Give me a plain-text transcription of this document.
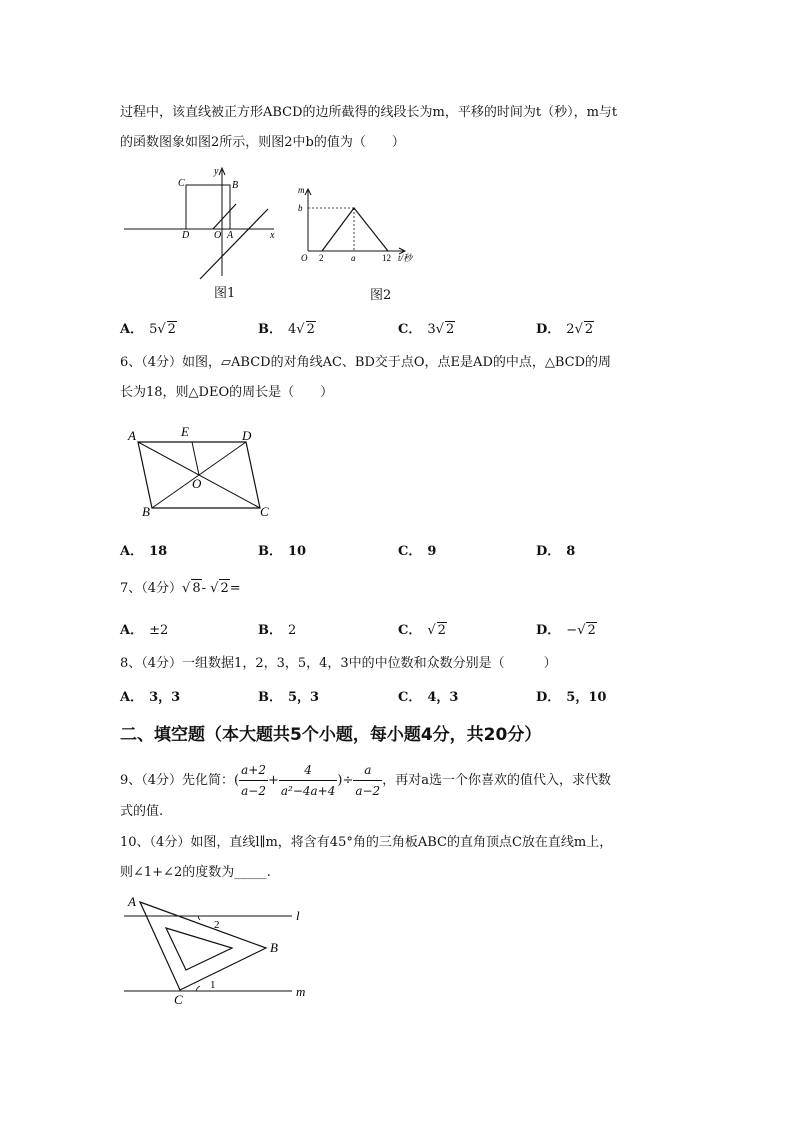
过程中，该直线被正方形ABCD的边所截得的线段长为m，平移的时间为t（秒），m与t
的函数图象如图2所示，则图2中b的值为（　　）
C	B
D O A	x
y
图1
m
b
O 2	a	12 t/秒
图2
A． 5√ 2	B． 4√ 2	C． 3√ 2	D． 2√ 2
6、（4分）如图，▱ABCD的对角线AC、BD交于点O，点E是AD的中点，△BCD的周
长为18，则△DEO的周长是（　　）
A	E	D
O
B	C
A． 18	B． 10	C． 9	D． 8
7、（4分）√ 8- √ 2=
A． ±2	B． 2	C． √ 2	D． −√ 2
8、（4分）一组数据1，2，3，5，4，3中的中位数和众数分别是（　　　）
A． 3，3	B． 5，3	C． 4，3	D． 5，10
二、填空题（本大题共5个小题，每小题4分，共20分）
9、（4分）先化简：( $\frac{a+2}{a-2} + \frac{4}{\text{a²−4a+4}}$ )÷ $\frac{a}{a-2}$ ，再对a选一个你喜欢的值代入，求代数
式的值.
10、（4分）如图，直线l∥m，将含有45°角的三角板ABC的直角顶点C放在直线m上，
则∠1+∠2的度数为_____.
A
l
2
B
1	m
C
